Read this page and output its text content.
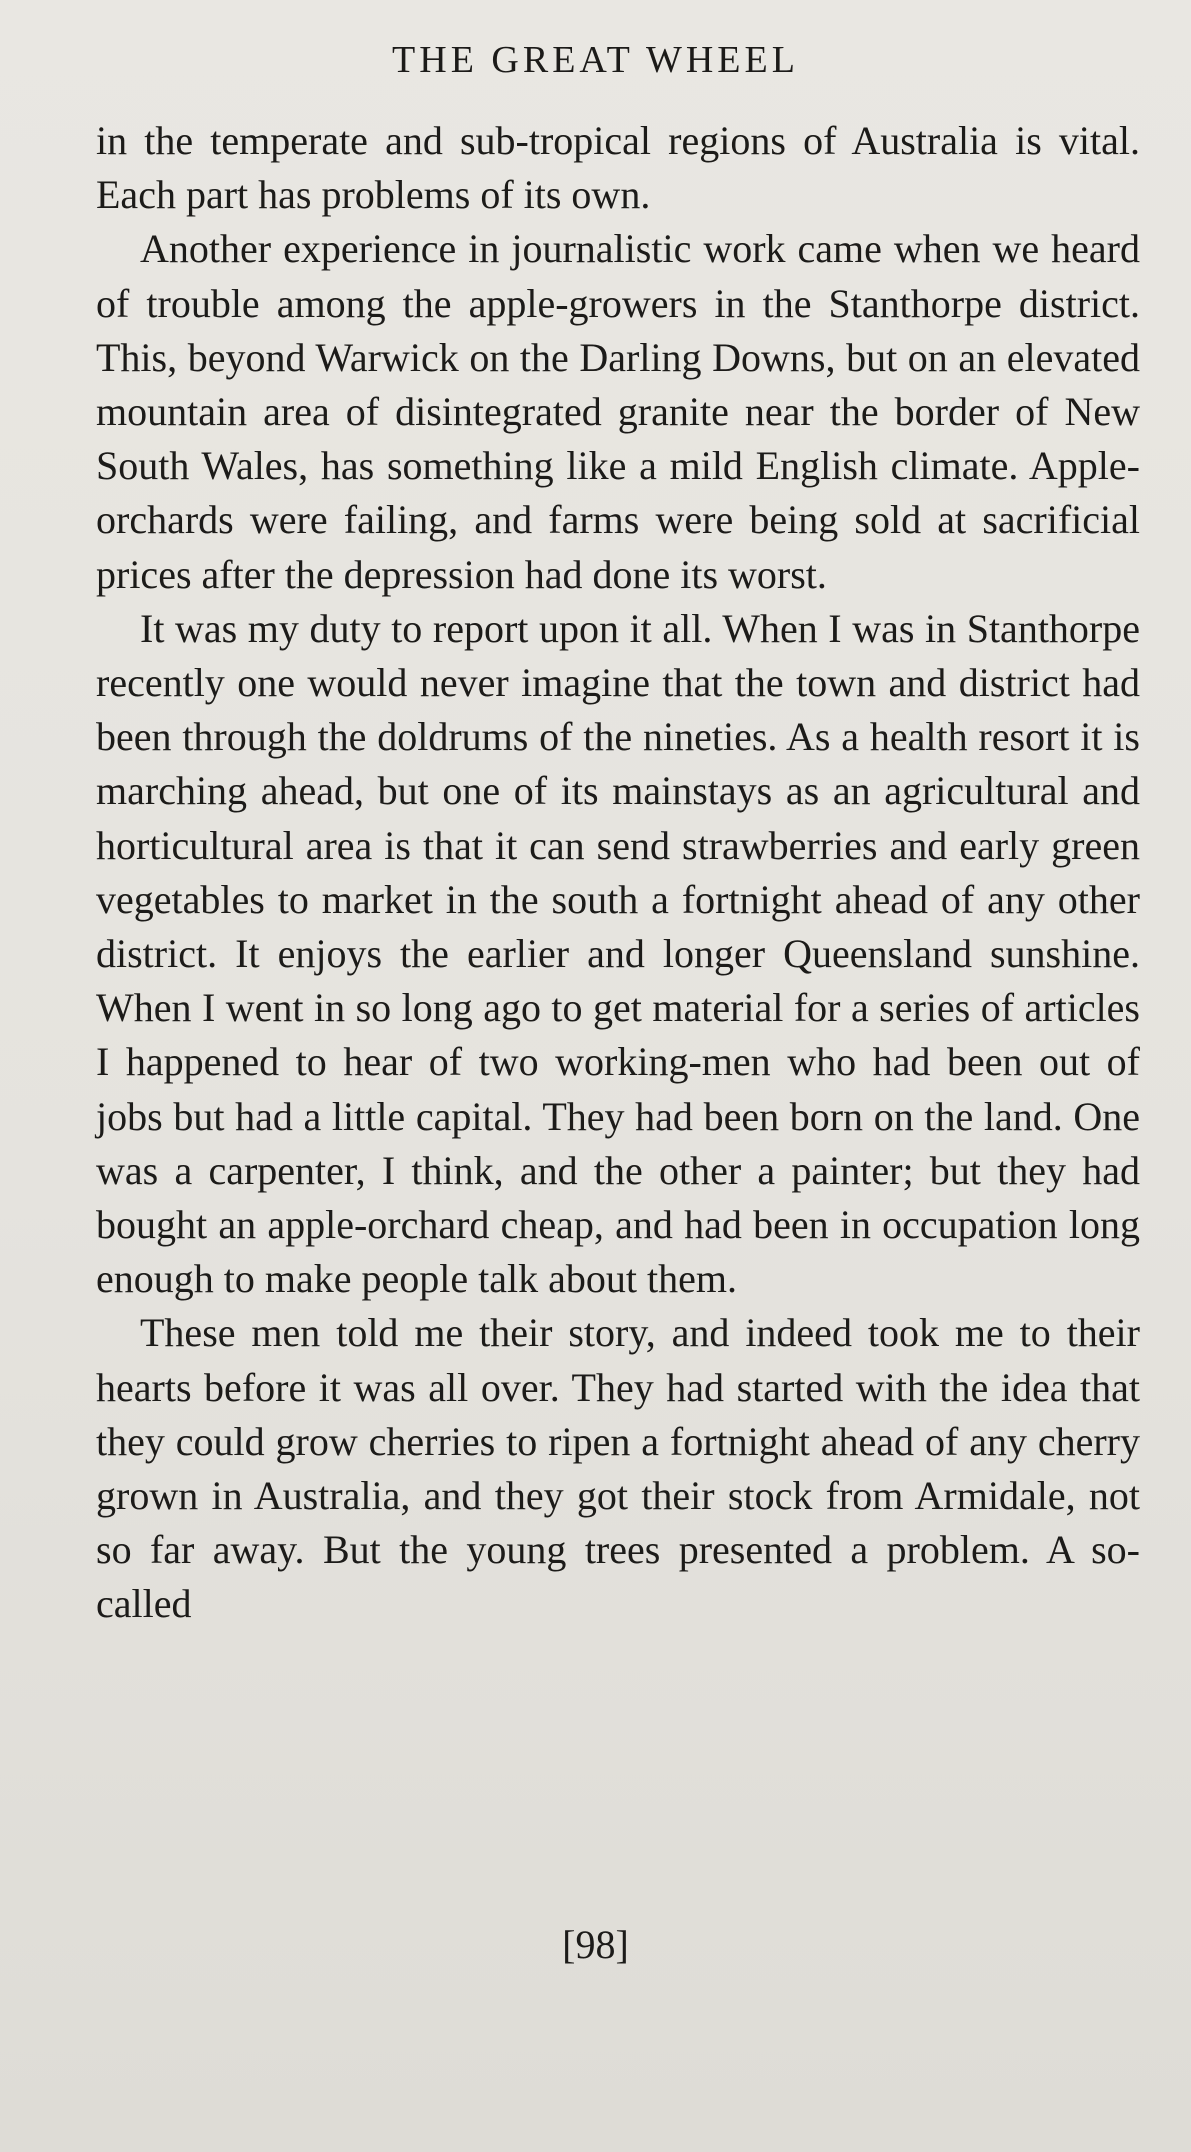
THE GREAT WHEEL

in the temperate and sub-tropical regions of Australia is vital. Each part has problems of its own.

Another experience in journalistic work came when we heard of trouble among the apple-growers in the Stanthorpe district. This, beyond Warwick on the Darling Downs, but on an elevated mountain area of disintegrated granite near the border of New South Wales, has something like a mild English climate. Apple-orchards were failing, and farms were being sold at sacrificial prices after the depression had done its worst.

It was my duty to report upon it all. When I was in Stanthorpe recently one would never imagine that the town and district had been through the doldrums of the nineties. As a health resort it is marching ahead, but one of its mainstays as an agricultural and horticultural area is that it can send strawberries and early green vegetables to market in the south a fortnight ahead of any other district. It enjoys the earlier and longer Queensland sunshine. When I went in so long ago to get material for a series of articles I happened to hear of two working-men who had been out of jobs but had a little capital. They had been born on the land. One was a carpenter, I think, and the other a painter; but they had bought an apple-orchard cheap, and had been in occupation long enough to make people talk about them.

These men told me their story, and indeed took me to their hearts before it was all over. They had started with the idea that they could grow cherries to ripen a fortnight ahead of any cherry grown in Australia, and they got their stock from Armidale, not so far away. But the young trees presented a problem. A so-called

[98]
